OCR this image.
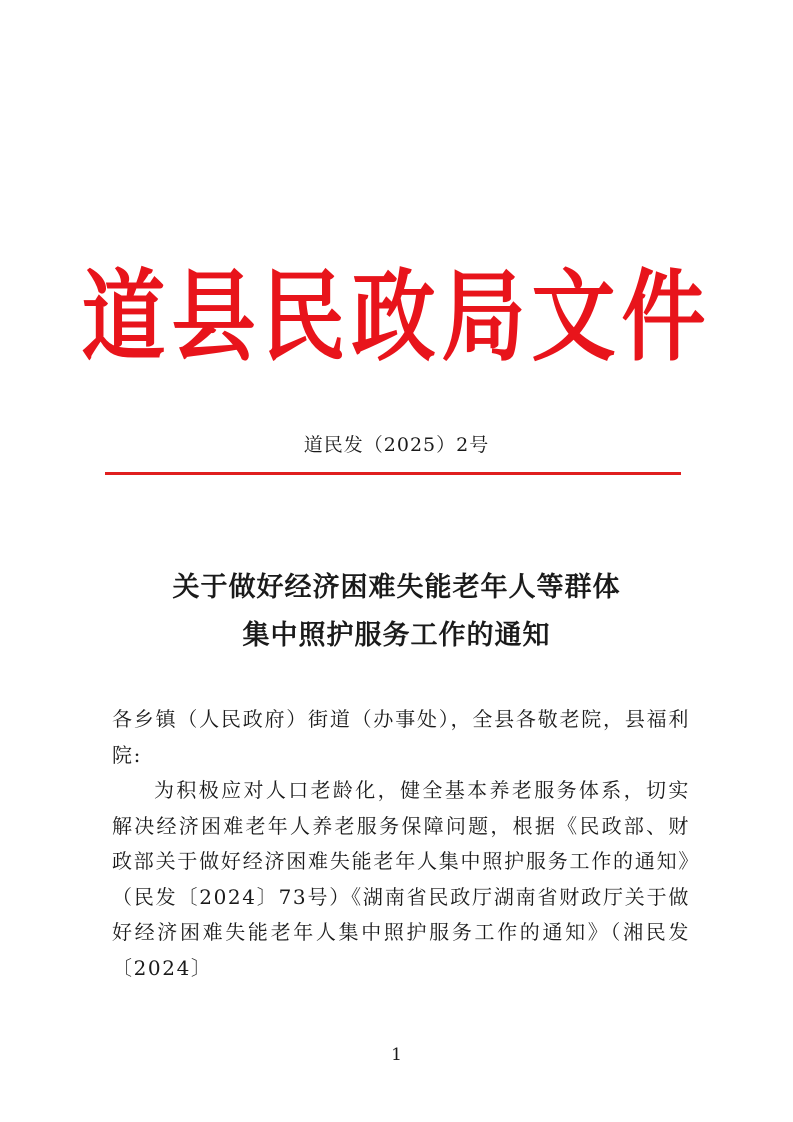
道县民政局文件
道民发（2025）2号
关于做好经济困难失能老年人等群体
集中照护服务工作的通知

各乡镇（人民政府）街道（办事处），全县各敬老院，县福利院:

为积极应对人口老龄化，健全基本养老服务体系，切实解决经济困难老年人养老服务保障问题，根据《民政部、财政部关于做好经济困难失能老年人集中照护服务工作的通知》（民发〔2024〕73号）《湖南省民政厅湖南省财政厅关于做好经济困难失能老年人集中照护服务工作的通知》（湘民发〔2024〕

1
